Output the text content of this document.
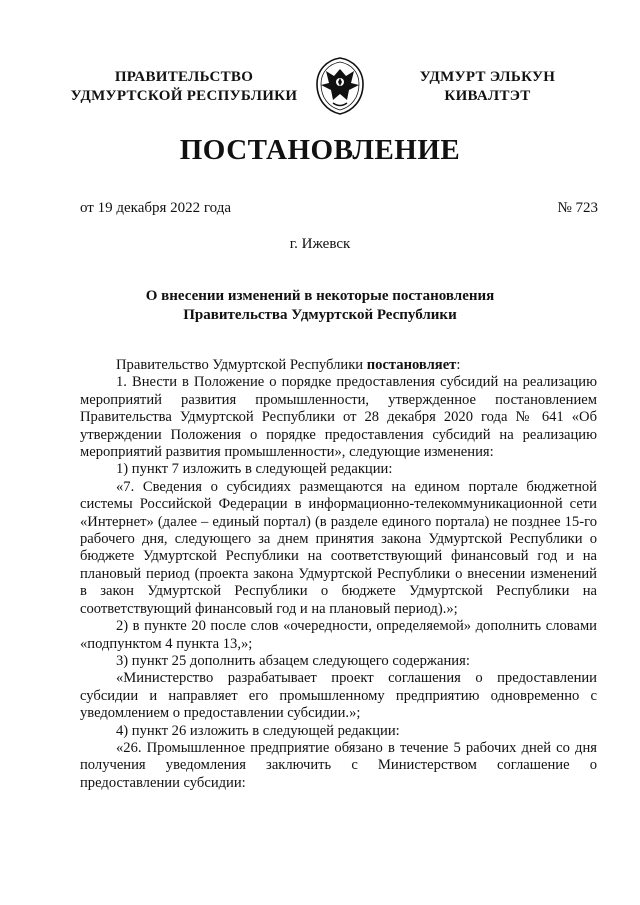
ПРАВИТЕЛЬСТВО
УДМУРТСКОЙ РЕСПУБЛИКИ
УДМУРТ ЭЛЬКУН
КИВАЛТЭТ
ПОСТАНОВЛЕНИЕ
от 19 декабря 2022 года	№ 723
г. Ижевск
О внесении изменений в некоторые постановления
Правительства Удмуртской Республики

Правительство Удмуртской Республики постановляет:

1. Внести в Положение о порядке предоставления субсидий на реализацию мероприятий развития промышленности, утвержденное постановлением Правительства Удмуртской Республики от 28 декабря 2020 года № 641 «Об утверждении Положения о порядке предоставления субсидий на реализацию мероприятий развития промышленности», следующие изменения:

1) пункт 7 изложить в следующей редакции:

«7. Сведения о субсидиях размещаются на едином портале бюджетной системы Российской Федерации в информационно-телекоммуникационной сети «Интернет» (далее – единый портал) (в разделе единого портала) не позднее 15-го рабочего дня, следующего за днем принятия закона Удмуртской Республики о бюджете Удмуртской Республики на соответствующий финансовый год и на плановый период (проекта закона Удмуртской Республики о внесении изменений в закон Удмуртской Республики о бюджете Удмуртской Республики на соответствующий финансовый год и на плановый период).»;

2) в пункте 20 после слов «очередности, определяемой» дополнить словами «подпунктом 4 пункта 13,»;

3) пункт 25 дополнить абзацем следующего содержания:

«Министерство разрабатывает проект соглашения о предоставлении субсидии и направляет его промышленному предприятию одновременно с уведомлением о предоставлении субсидии.»;

4) пункт 26 изложить в следующей редакции:

«26. Промышленное предприятие обязано в течение 5 рабочих дней со дня получения уведомления заключить с Министерством соглашение о предоставлении субсидии:
